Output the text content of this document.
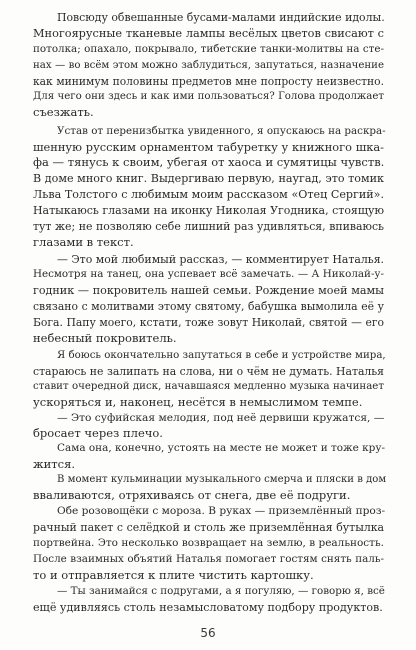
Повсюду обвешанные бусами-малами индийские идолы.
Многоярусные тканевые лампы весёлых цветов свисают с
потолка; опахало, покрывало, тибетские танки-молитвы на сте-
нах — во всём этом можно заблудиться, запутаться, назначение
как минимум половины предметов мне попросту неизвестно.
Для чего они здесь и как ими пользоваться? Голова продолжает
съезжать.
Устав от перенизбытка увиденного, я опускаюсь на раскра-
шенную русским орнаментом табуретку у книжного шка-
фа — тянусь к своим, убегая от хаоса и сумятицы чувств.
В доме много книг. Выдергиваю первую, наугад, это томик
Льва Толстого с любимым моим рассказом «Отец Сергий».
Натыкаюсь глазами на иконку Николая Угодника, стоящую
тут же; не позволяю себе лишний раз удивляться, впиваюсь
глазами в текст.
— Это мой любимый рассказ, — комментирует Наталья.
Несмотря на танец, она успевает всё замечать. — А Николай-у-
годник — покровитель нашей семьи. Рождение моей мамы
связано с молитвами этому святому, бабушка вымолила её у
Бога. Папу моего, кстати, тоже зовут Николай, святой — его
небесный покровитель.
Я боюсь окончательно запутаться в себе и устройстве мира,
стараюсь не залипать на слова, ни о чём не думать. Наталья
ставит очередной диск, начавшаяся медленно музыка начинает
ускоряться и, наконец, несётся в немыслимом темпе.
— Это суфийская мелодия, под неё дервиши кружатся, —
бросает через плечо.
Сама она, конечно, устоять на месте не может и тоже кру-
жится.
В момент кульминации музыкального смерча и пляски в дом
вваливаются, отряхиваясь от снега, две её подруги.
Обе розовощёки с мороза. В руках — приземлённый проз-
рачный пакет с селёдкой и столь же приземлённая бутылка
портвейна. Это несколько возвращает на землю, в реальность.
После взаимных объятий Наталья помогает гостям снять паль-
то и отправляется к плите чистить картошку.
— Ты занимайся с подругами, а я погуляю, — говорю я, всё
ещё удивляясь столь незамысловатому подбору продуктов.
56
